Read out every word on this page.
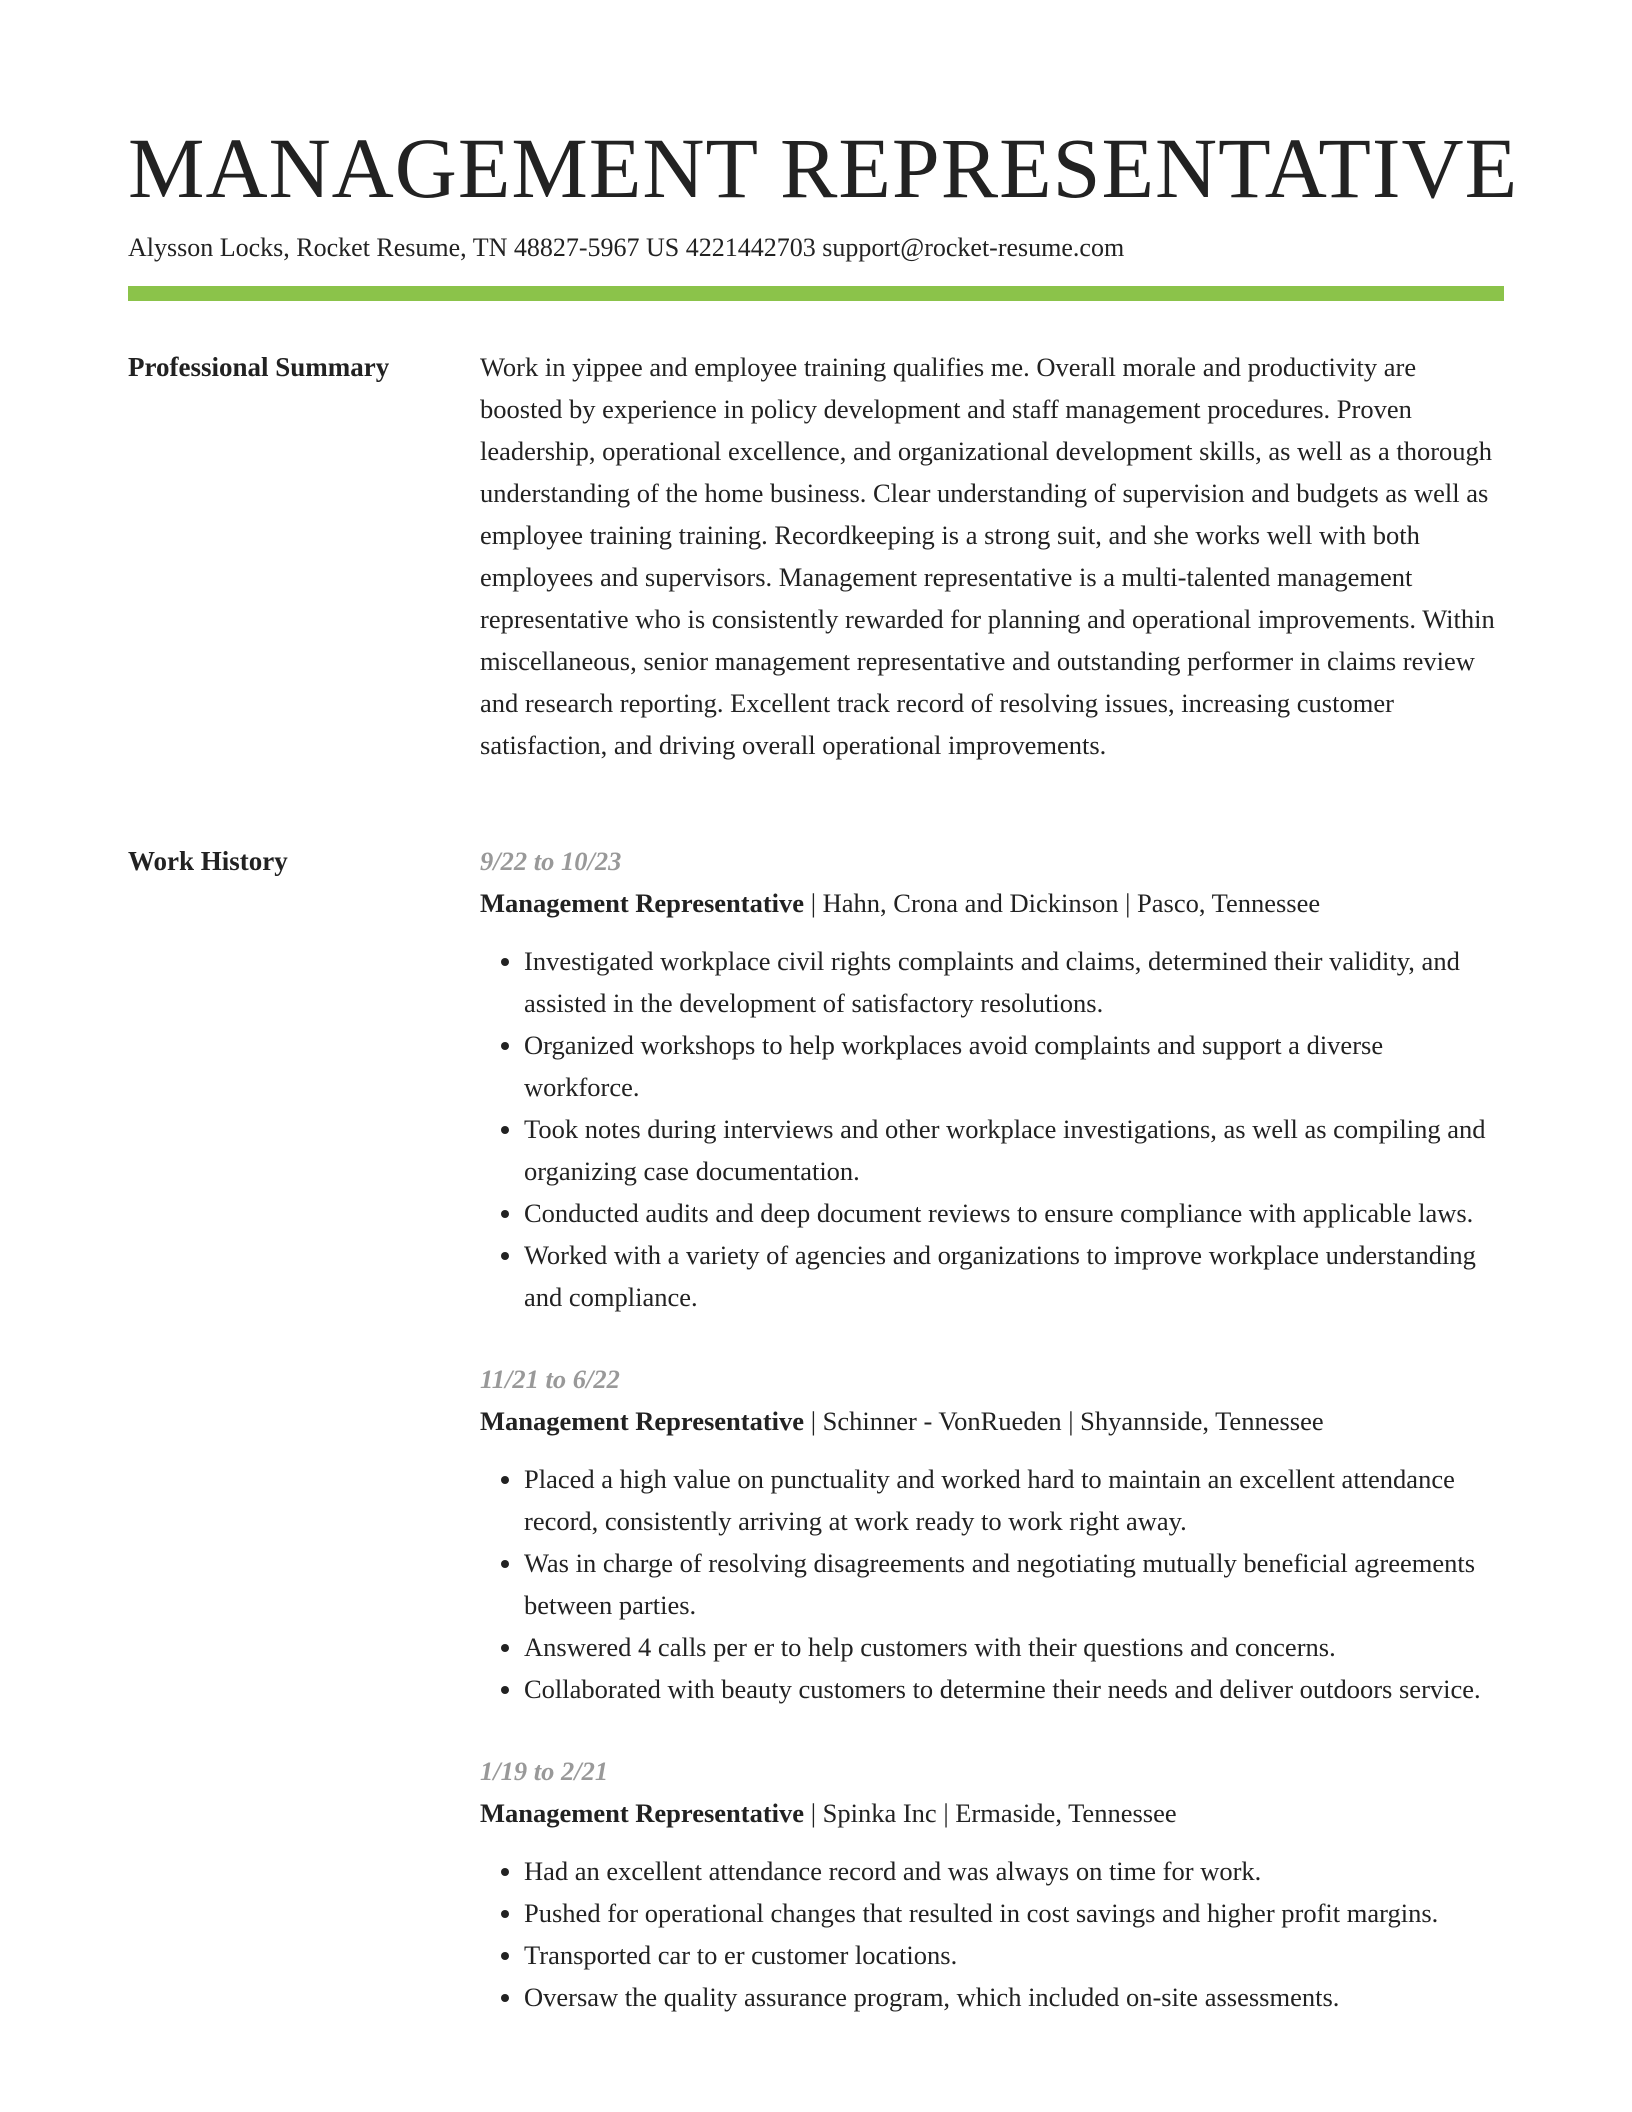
MANAGEMENT REPRESENTATIVE
Alysson Locks, Rocket Resume, TN 48827-5967 US 4221442703 support@rocket-resume.com
Professional Summary	Work in yippee and employee training qualifies me. Overall morale and productivity are boosted by experience in policy development and staff management procedures. Proven leadership, operational excellence, and organizational development skills, as well as a thorough understanding of the home business. Clear understanding of supervision and budgets as well as employee training training. Recordkeeping is a strong suit, and she works well with both employees and supervisors. Management representative is a multi-talented management representative who is consistently rewarded for planning and operational improvements. Within miscellaneous, senior management representative and outstanding performer in claims review and research reporting. Excellent track record of resolving issues, increasing customer satisfaction, and driving overall operational improvements.

Work History	9/22 to 10/23
Management Representative | Hahn, Crona and Dickinson | Pasco, Tennessee
• Investigated workplace civil rights complaints and claims, determined their validity, and assisted in the development of satisfactory resolutions.
• Organized workshops to help workplaces avoid complaints and support a diverse workforce.
• Took notes during interviews and other workplace investigations, as well as compiling and organizing case documentation.
• Conducted audits and deep document reviews to ensure compliance with applicable laws.
• Worked with a variety of agencies and organizations to improve workplace understanding and compliance.
11/21 to 6/22
Management Representative | Schinner - VonRueden | Shyannside, Tennessee
• Placed a high value on punctuality and worked hard to maintain an excellent attendance record, consistently arriving at work ready to work right away.
• Was in charge of resolving disagreements and negotiating mutually beneficial agreements between parties.
• Answered 4 calls per er to help customers with their questions and concerns.
• Collaborated with beauty customers to determine their needs and deliver outdoors service.
1/19 to 2/21
Management Representative | Spinka Inc | Ermaside, Tennessee
• Had an excellent attendance record and was always on time for work.
• Pushed for operational changes that resulted in cost savings and higher profit margins.
• Transported car to er customer locations.
• Oversaw the quality assurance program, which included on-site assessments.
